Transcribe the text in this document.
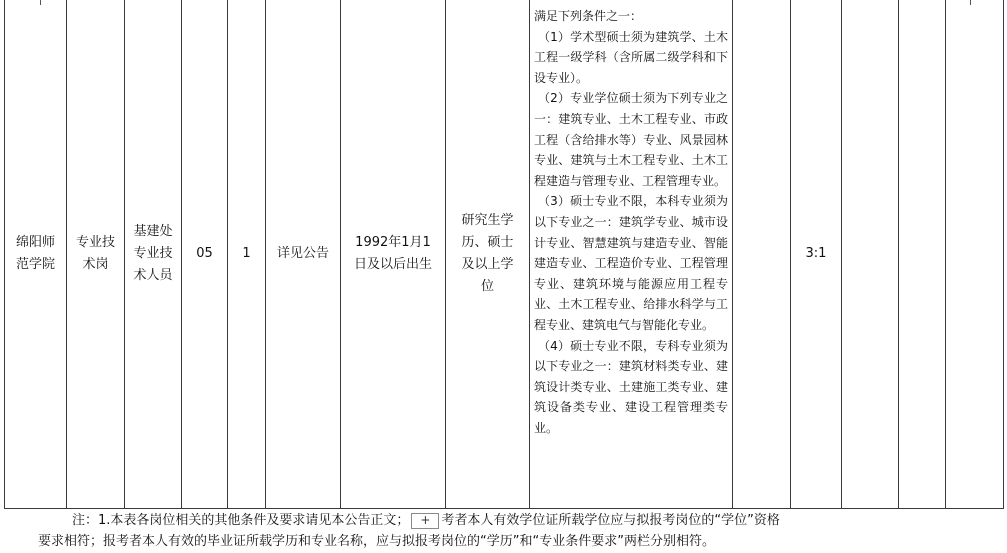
绵阳师范学院
专业技术岗
基建处专业技术人员
05 1 详见公告
1992年1月1日及以后出生
研究生学历、硕士及以上学位
3:1

满足下列条件之一：

（1）学术型硕士须为建筑学、土木工程一级学科（含所属二级学科和下设专业）。

（2）专业学位硕士须为下列专业之一：建筑专业、土木工程专业、市政工程（含给排水等）专业、风景园林专业、建筑与土木工程专业、土木工程建造与管理专业、工程管理专业。

（3）硕士专业不限，本科专业须为以下专业之一：建筑学专业、城市设计专业、智慧建筑与建造专业、智能建造专业、工程造价专业、工程管理专业、建筑环境与能源应用工程专业、土木工程专业、给排水科学与工程专业、建筑电气与智能化专业。

（4）硕士专业不限，专科专业须为以下专业之一：建筑材料类专业、建筑设计类专业、土建施工类专业、建筑设备类专业、建设工程管理类专业。

注：1.本表各岗位相关的其他条件及要求请见本公告正文； + 考者本人有效学位证所载学位应与拟报考岗位的“学位”资格
要求相符；报考者本人有效的毕业证所载学历和专业名称，应与拟报考岗位的“学历”和“专业条件要求”两栏分别相符。
